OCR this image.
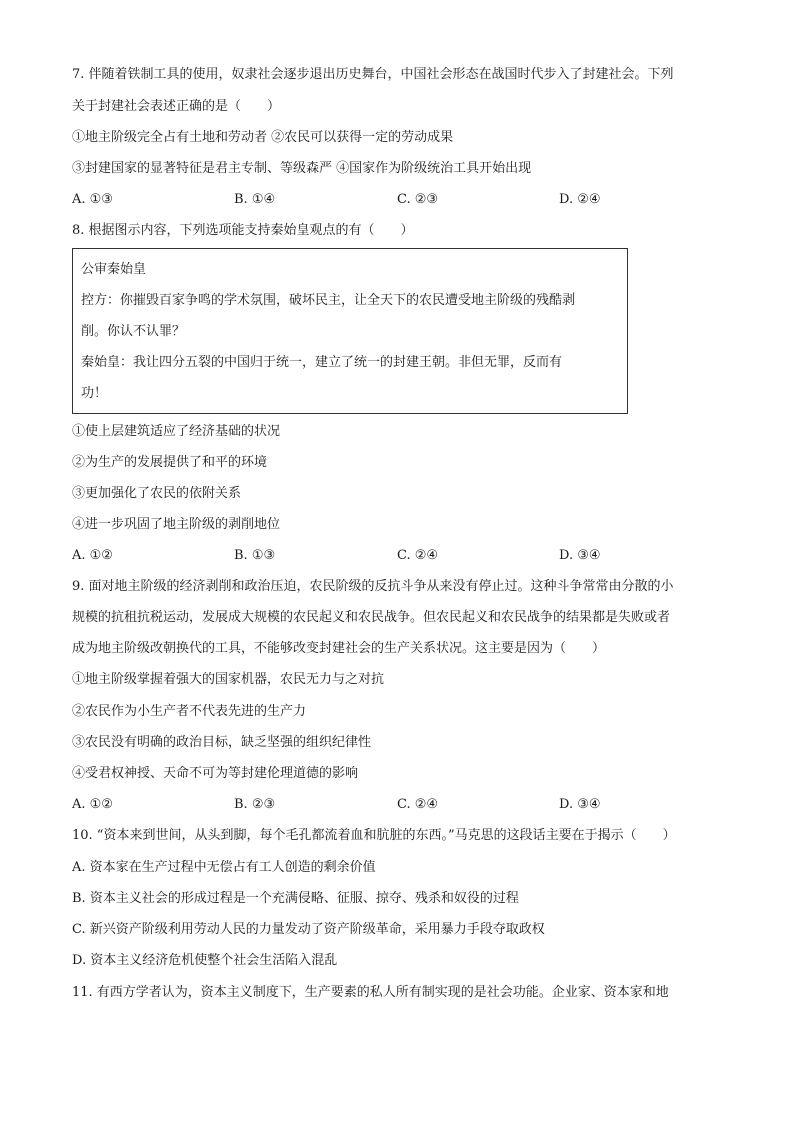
7. 伴随着铁制工具的使用，奴隶社会逐步退出历史舞台，中国社会形态在战国时代步入了封建社会。下列
关于封建社会表述正确的是（　　）
①地主阶级完全占有土地和劳动者 ②农民可以获得一定的劳动成果
③封建国家的显著特征是君主专制、等级森严 ④国家作为阶级统治工具开始出现
A. ①③	B. ①④	C. ②③	D. ②④
8. 根据图示内容，下列选项能支持秦始皇观点的有（　　）
公审秦始皇
控方：你摧毁百家争鸣的学术氛围，破坏民主，让全天下的农民遭受地主阶级的残酷剥
削。你认不认罪？
秦始皇：我让四分五裂的中国归于统一，建立了统一的封建王朝。非但无罪，反而有
功！
①使上层建筑适应了经济基础的状况
②为生产的发展提供了和平的环境
③更加强化了农民的依附关系
④进一步巩固了地主阶级的剥削地位
A. ①②	B. ①③	C. ②④	D. ③④
9. 面对地主阶级的经济剥削和政治压迫，农民阶级的反抗斗争从来没有停止过。这种斗争常常由分散的小
规模的抗租抗税运动，发展成大规模的农民起义和农民战争。但农民起义和农民战争的结果都是失败或者
成为地主阶级改朝换代的工具，不能够改变封建社会的生产关系状况。这主要是因为（　　）
①地主阶级掌握着强大的国家机器，农民无力与之对抗
②农民作为小生产者不代表先进的生产力
③农民没有明确的政治目标，缺乏坚强的组织纪律性
④受君权神授、天命不可为等封建伦理道德的影响
A. ①②	B. ②③	C. ②④	D. ③④
10. “资本来到世间，从头到脚，每个毛孔都流着血和肮脏的东西。”马克思的这段话主要在于揭示（　　）
A. 资本家在生产过程中无偿占有工人创造的剩余价值
B. 资本主义社会的形成过程是一个充满侵略、征服、掠夺、残杀和奴役的过程
C. 新兴资产阶级利用劳动人民的力量发动了资产阶级革命，采用暴力手段夺取政权
D. 资本主义经济危机使整个社会生活陷入混乱
11. 有西方学者认为，资本主义制度下，生产要素的私人所有制实现的是社会功能。企业家、资本家和地
